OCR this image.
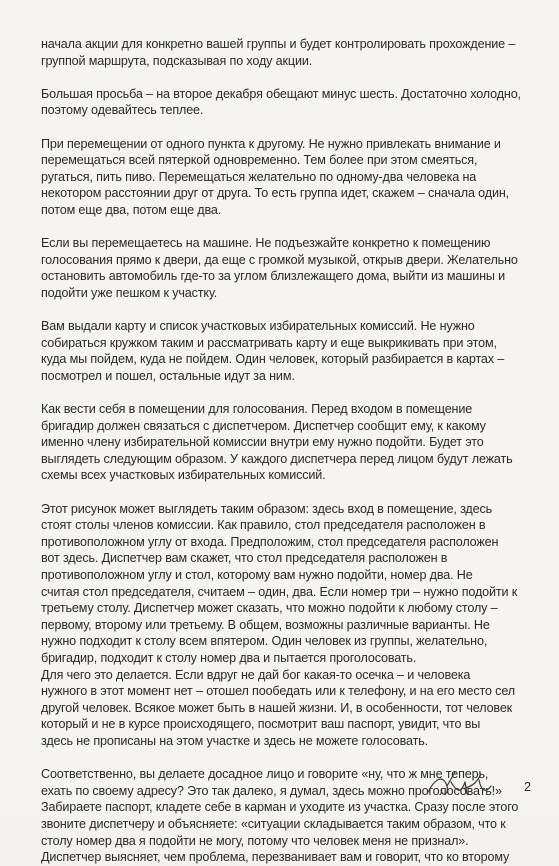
начала акции для конкретно вашей группы и будет контролировать прохождение –
группой маршрута, подсказывая по ходу акции.

Большая просьба – на второе декабря обещают минус шесть. Достаточно холодно,
поэтому одевайтесь теплее.

При перемещении от одного пункта к другому. Не нужно привлекать внимание и
перемещаться всей пятеркой одновременно. Тем более при этом смеяться,
ругаться, пить пиво. Перемещаться желательно по одному-два человека на
некотором расстоянии друг от друга. То есть группа идет, скажем – сначала один,
потом еще два, потом еще два.

Если вы перемещаетесь на машине. Не подъезжайте конкретно к помещению
голосования прямо к двери, да еще с громкой музыкой, открыв двери. Желательно
остановить автомобиль где-то за углом близлежащего дома, выйти из машины и
подойти уже пешком к участку.

Вам выдали карту и список участковых избирательных комиссий. Не нужно
собираться кружком таким и рассматривать карту и еще выкрикивать при этом,
куда мы пойдем, куда не пойдем. Один человек, который разбирается в картах –
посмотрел и пошел, остальные идут за ним.

Как вести себя в помещении для голосования. Перед входом в помещение
бригадир должен связаться с диспетчером. Диспетчер сообщит ему, к какому
именно члену избирательной комиссии внутри ему нужно подойти. Будет это
выглядеть следующим образом. У каждого диспетчера перед лицом будут лежать
схемы всех участковых избирательных комиссий.

Этот рисунок может выглядеть таким образом: здесь вход в помещение, здесь
стоят столы членов комиссии. Как правило, стол председателя расположен в
противоположном углу от входа. Предположим, стол председателя расположен
вот здесь. Диспетчер вам скажет, что стол председателя расположен в
противоположном углу и стол, которому вам нужно подойти, номер два. Не
считая стол председателя, считаем – один, два. Если номер три – нужно подойти к
третьему столу. Диспетчер может сказать, что можно подойти к любому столу –
первому, второму или третьему. В общем, возможны различные варианты. Не
нужно подходит к столу всем впятером. Один человек из группы, желательно,
бригадир, подходит к столу номер два и пытается проголосовать.
Для чего это делается. Если вдруг не дай бог какая-то осечка – и человека
нужного в этот момент нет – отошел пообедать или к телефону, и на его место сел
другой человек. Всякое может быть в нашей жизни. И, в особенности, тот человек
который и не в курсе происходящего, посмотрит ваш паспорт, увидит, что вы
здесь не прописаны на этом участке и здесь не можете голосовать.

Соответственно, вы делаете досадное лицо и говорите «ну, что ж мне теперь,
ехать по своему адресу? Это так далеко, я думал, здесь можно проголосовать!»
Забираете паспорт, кладете себе в карман и уходите из участка. Сразу после этого
звоните диспетчеру и объясняете: «ситуации складывается таким образом, что к
столу номер два я подойти не могу, потому что человек меня не признал».
Диспетчер выясняет, чем проблема, перезванивает вам и говорит, что ко второму

2
